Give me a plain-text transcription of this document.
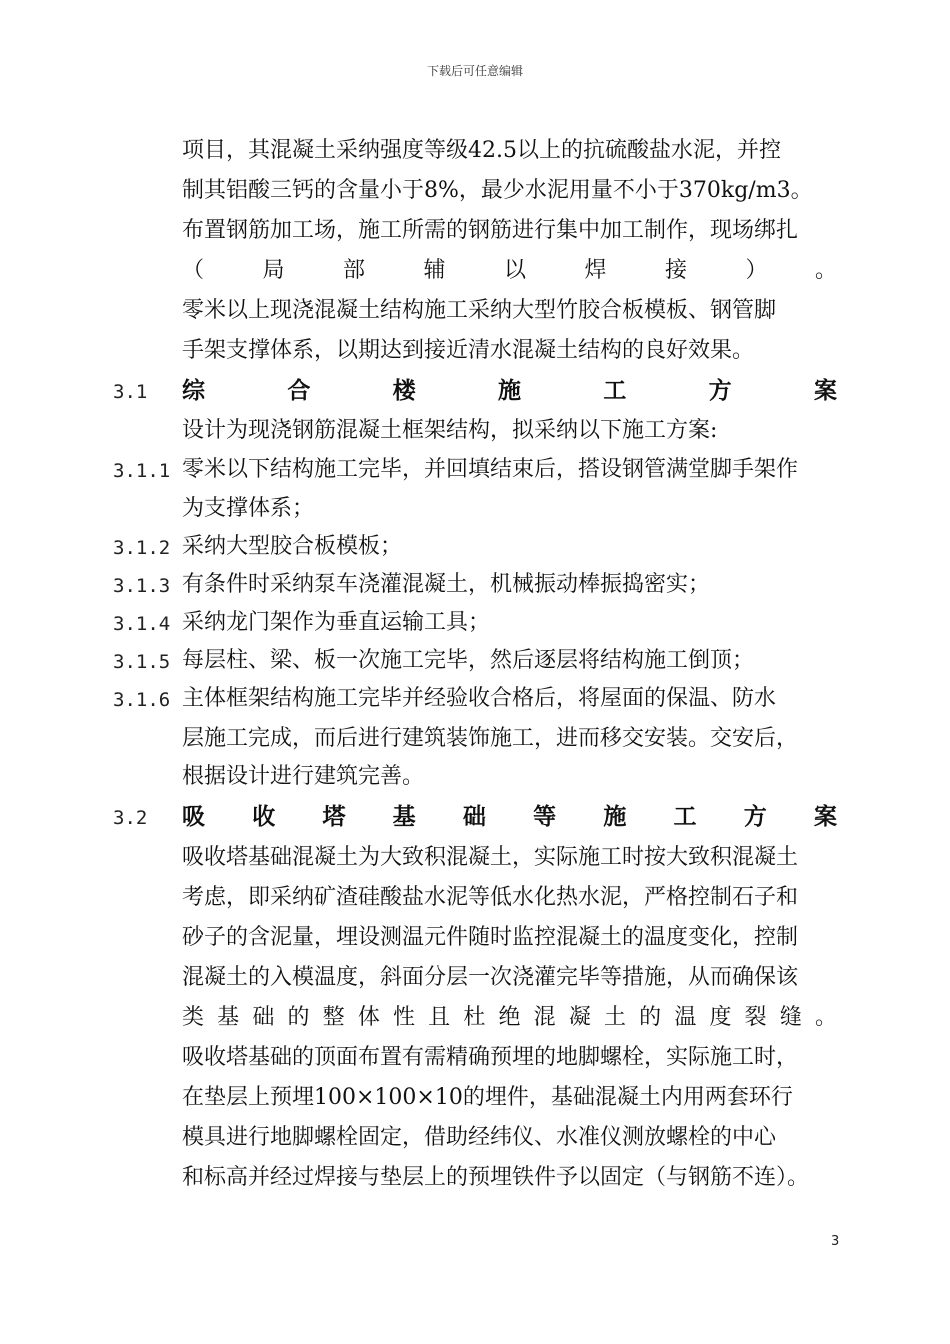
下载后可任意编辑
项目，其混凝土采纳强度等级42.5以上的抗硫酸盐水泥，并控
制其铝酸三钙的含量小于8%，最少水泥用量不小于370kg/m3。
布置钢筋加工场，施工所需的钢筋进行集中加工制作，现场绑扎
（局部辅以焊接）。
零米以上现浇混凝土结构施工采纳大型竹胶合板模板、钢管脚
手架支撑体系，以期达到接近清水混凝土结构的良好效果。
3.1 综合楼施工方案
设计为现浇钢筋混凝土框架结构，拟采纳以下施工方案:
3.1.1 零米以下结构施工完毕，并回填结束后，搭设钢管满堂脚手架作
为支撑体系；
3.1.2 采纳大型胶合板模板；
3.1.3 有条件时采纳泵车浇灌混凝土，机械振动棒振捣密实；
3.1.4 采纳龙门架作为垂直运输工具；
3.1.5 每层柱、梁、板一次施工完毕，然后逐层将结构施工倒顶；
3.1.6 主体框架结构施工完毕并经验收合格后，将屋面的保温、防水
层施工完成，而后进行建筑装饰施工，进而移交安装。交安后，
根据设计进行建筑完善。
3.2 吸收塔基础等施工方案
吸收塔基础混凝土为大致积混凝土，实际施工时按大致积混凝土
考虑，即采纳矿渣硅酸盐水泥等低水化热水泥，严格控制石子和
砂子的含泥量，埋设测温元件随时监控混凝土的温度变化，控制
混凝土的入模温度，斜面分层一次浇灌完毕等措施，从而确保该
类基础的整体性且杜绝混凝土的温度裂缝。
吸收塔基础的顶面布置有需精确预埋的地脚螺栓，实际施工时，
在垫层上预埋100×100×10的埋件，基础混凝土内用两套环行
模具进行地脚螺栓固定，借助经纬仪、水准仪测放螺栓的中心
和标高并经过焊接与垫层上的预埋铁件予以固定（与钢筋不连）。
3
